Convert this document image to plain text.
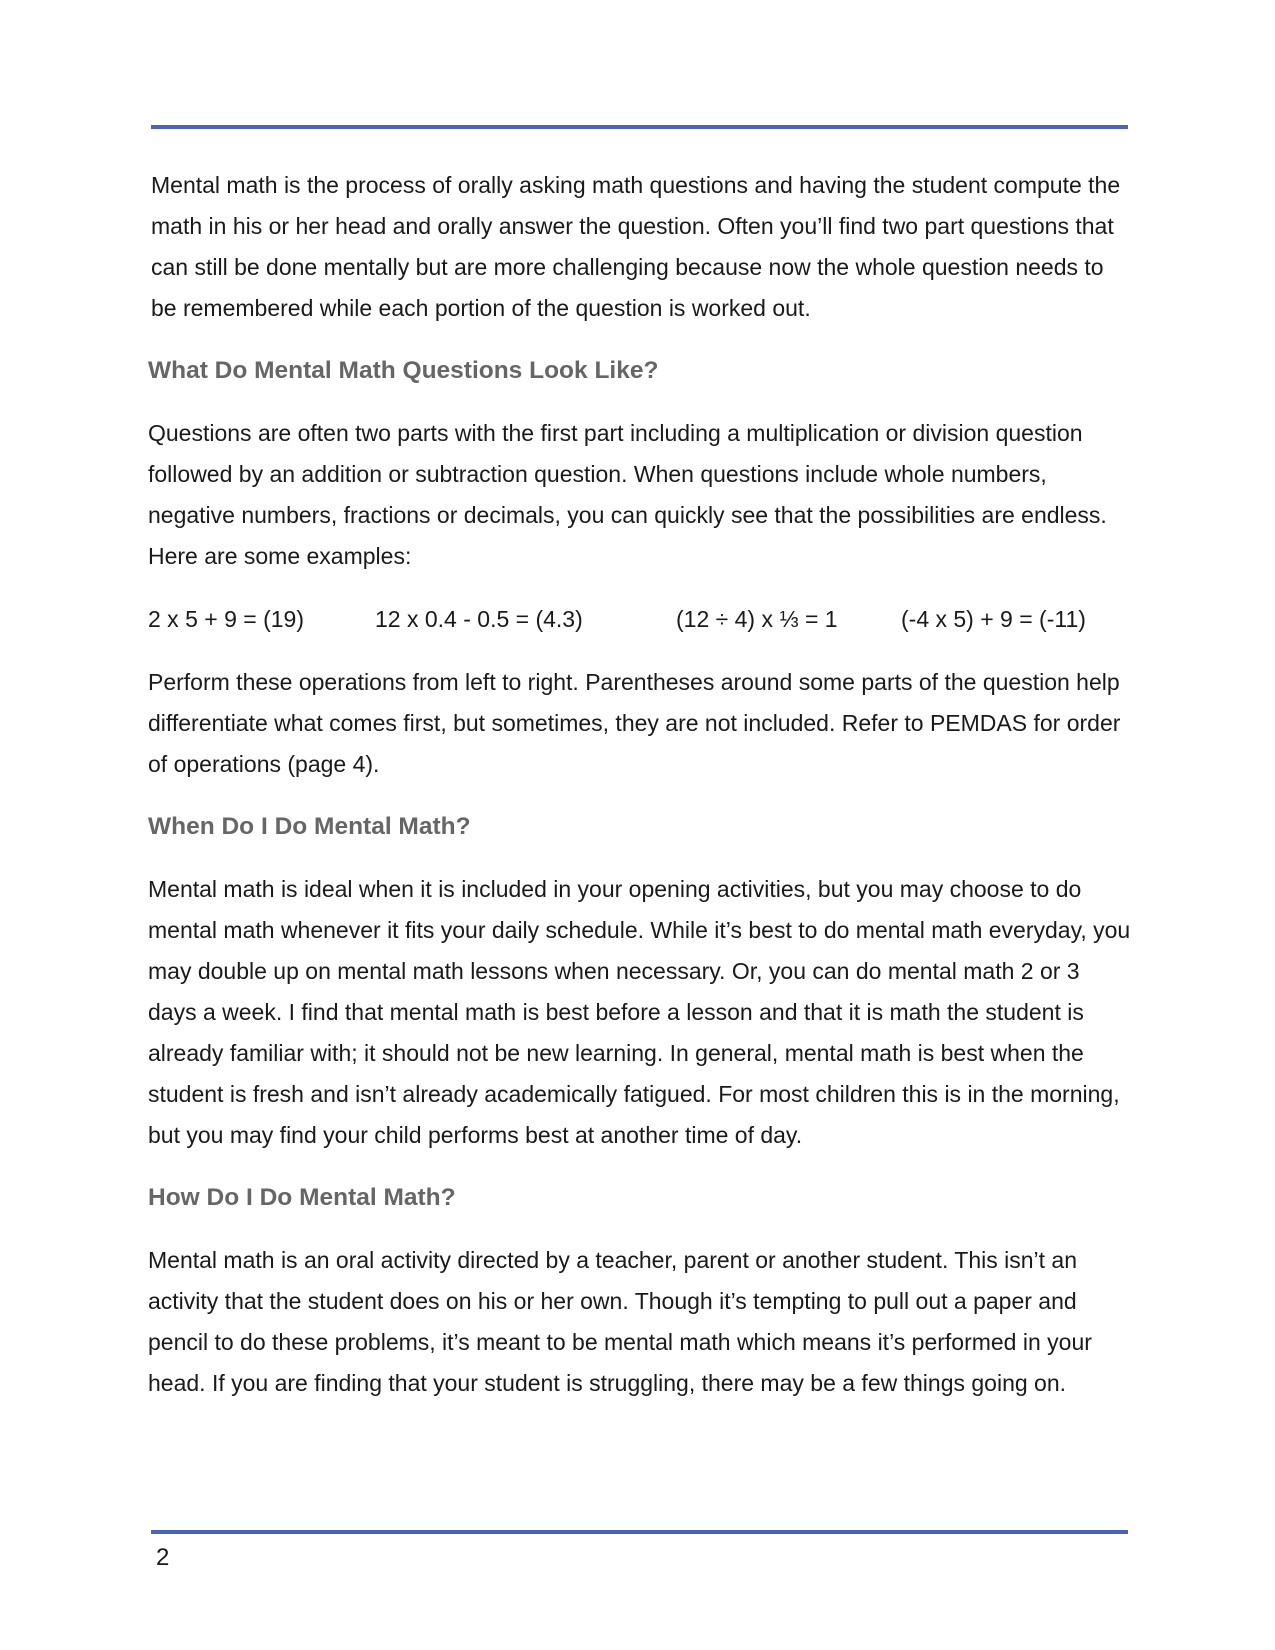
Mental math is the process of orally asking math questions and having the student compute the math in his or her head and orally answer the question. Often you’ll find two part questions that can still be done mentally but are more challenging because now the whole question needs to be remembered while each portion of the question is worked out.

What Do Mental Math Questions Look Like?

Questions are often two parts with the first part including a multiplication or division question followed by an addition or subtraction question. When questions include whole numbers, negative numbers, fractions or decimals, you can quickly see that the possibilities are endless. Here are some examples:

2 x 5 + 9 = (19)	12 x 0.4 - 0.5 = (4.3)	(12 ÷ 4) x ⅓ = 1	(-4 x 5) + 9 = (-11)

Perform these operations from left to right. Parentheses around some parts of the question help differentiate what comes first, but sometimes, they are not included. Refer to PEMDAS for order of operations (page 4).

When Do I Do Mental Math?

Mental math is ideal when it is included in your opening activities, but you may choose to do mental math whenever it fits your daily schedule. While it’s best to do mental math everyday, you may double up on mental math lessons when necessary. Or, you can do mental math 2 or 3 days a week. I find that mental math is best before a lesson and that it is math the student is already familiar with; it should not be new learning. In general, mental math is best when the student is fresh and isn’t already academically fatigued. For most children this is in the morning, but you may find your child performs best at another time of day.

How Do I Do Mental Math?

Mental math is an oral activity directed by a teacher, parent or another student. This isn’t an activity that the student does on his or her own. Though it’s tempting to pull out a paper and pencil to do these problems, it’s meant to be mental math which means it’s performed in your head. If you are finding that your student is struggling, there may be a few things going on.

2
